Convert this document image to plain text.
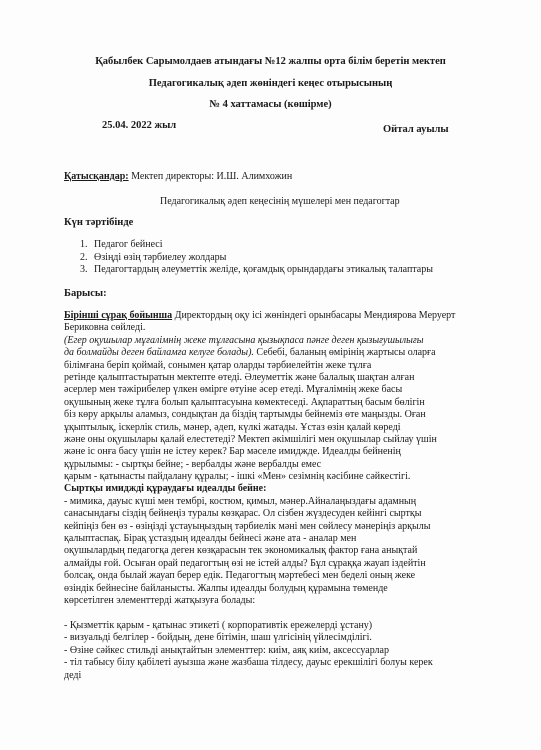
Қабылбек Сарымолдаев атындағы №12 жалпы орта білім беретін мектеп
Педагогикалық әдеп жөніндегі кеңес отырысының
№ 4 хаттамасы (көшірме)
25.04. 2022 жыл	Ойтал ауылы
Қатысқандар: Мектеп директоры: И.Ш. Алимхожин
Педагогикалық әдеп кеңесінің мүшелері мен педагогтар
Күн тәртібінде
1. Педагог бейнесі
2. Өзіңді өзің тәрбиелеу жолдары
3. Педагогтардың әлеуметтік желіде, қоғамдық орындардағы этикалық талаптары
Барысы:
Бірінші сұрақ бойынша Директордың оқу ісі жөніндегі орынбасары Мендиярова Меруерт
Бериковна сөйледі.
(Егер оқушылар мұғалімнің жеке тұлғасына қызықпаса пәнге деген қызығушылығы
да болмайды деген байламға келуге болады). Себебі, баланың өмірінің жартысы оларға
білімғана беріп қоймай, сонымен қатар оларды тәрбиелейтін жеке тұлға
ретінде қалыптастыратын мектепте өтеді. Әлеуметтік және балалық шақтан алған
әсерлер мен тәжірибелер үлкен өмірге өтуіне әсер етеді. Мұғалімнің жеке басы
оқушының жеке тұлға болып қалыптасуына көмектеседі. Ақпараттың басым бөлігін
біз көру арқылы аламыз, сондықтан да біздің тартымды бейнеміз өте маңызды. Оған
ұқыптылық, іскерлік стиль, мәнер, әдеп, күлкі жатады. Ұстаз өзін қалай көреді
және оны оқушылары қалай елестетеді? Мектеп әкімшілігі мен оқушылар сыйлау үшін
және іс онға басу үшін не істеу керек? Бар мәселе имиджде. Идеалды бейненің
құрылымы: - сыртқы бейне; - вербалды және вербалды емес
қарым - қатынасты пайдалану құралы; - ішкі «Мен» сезімнің кәсібине сәйкестігі.
Сыртқы имиджді құраудағы идеалды бейне:
- мимика, дауыс күші мен тембрі, костюм, қимыл, мәнер.Айналаңыздағы адамның
санасындағы сіздің бейнеңіз туралы көзқарас. Ол сізбен жүздесуден кейінгі сыртқы
кейпіңіз бен өз - өзіңізді ұстауыңыздың тәрбиелік мәні мен сөйлесу мәнеріңіз арқылы
қалыптаспақ. Бірақ ұстаздың идеалды бейнесі және ата - аналар мен
оқушылардың педагогқа деген көзқарасын тек экономикалық фактор ғана анықтай
алмайды ғой. Осыған орай педагогтың өзі не істей алды? Бұл сұраққа жауап іздейтін
болсақ, онда былай жауап берер едік. Педагогтың мәртебесі мен беделі оның жеке
өзіндік бейнесіне байланысты. Жалпы идеалды болудың құрамына төменде
көрсетілген элементтерді жатқызуға болады:
- Қызметтік қарым - қатынас этикеті ( корпоративтік ережелерді ұстану)
- визуальді белгілер - бойдың, дене бітімін, шаш үлгісінің үйлесімділігі.
- Өзіне сәйкес стильді анықтайтын элементтер: киім, аяқ киім, аксессуарлар
- тіл табысу білу қабілеті ауызша және жазбаша тілдесу, дауыс ерекшілігі болуы керек
деді
